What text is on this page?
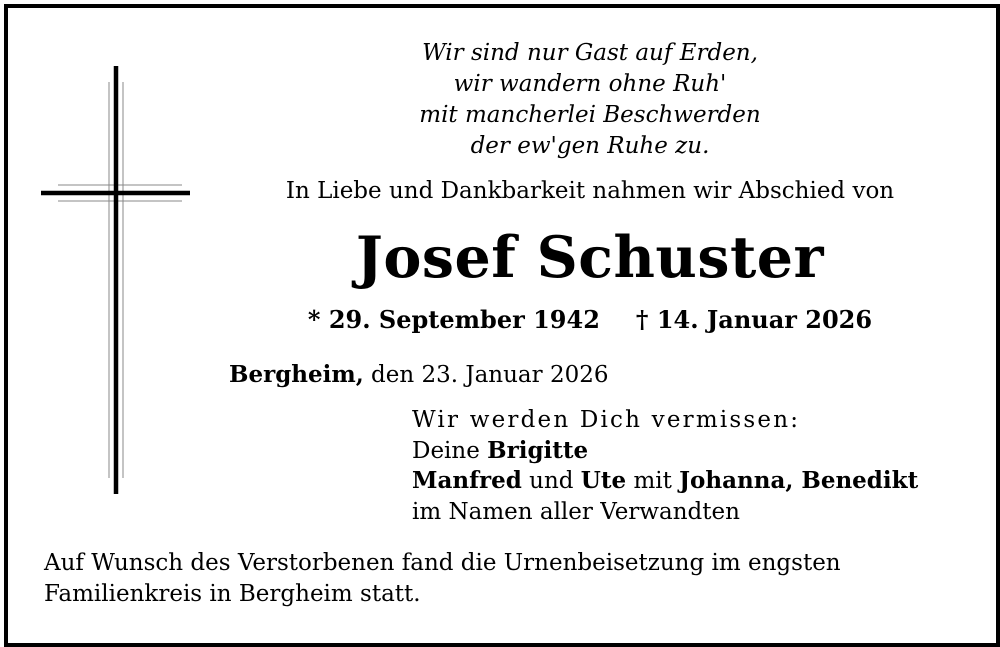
Wir sind nur Gast auf Erden,
wir wandern ohne Ruh'
mit mancherlei Beschwerden
der ew'gen Ruhe zu.
In Liebe und Dankbarkeit nahmen wir Abschied von
Josef Schuster
* 29. September 1942 † 14. Januar 2026
Bergheim, den 23. Januar 2026
Wir werden Dich vermissen:
Deine Brigitte
Manfred und Ute mit Johanna, Benedikt
im Namen aller Verwandten
Auf Wunsch des Verstorbenen fand die Urnenbeisetzung im engsten
Familienkreis in Bergheim statt.
